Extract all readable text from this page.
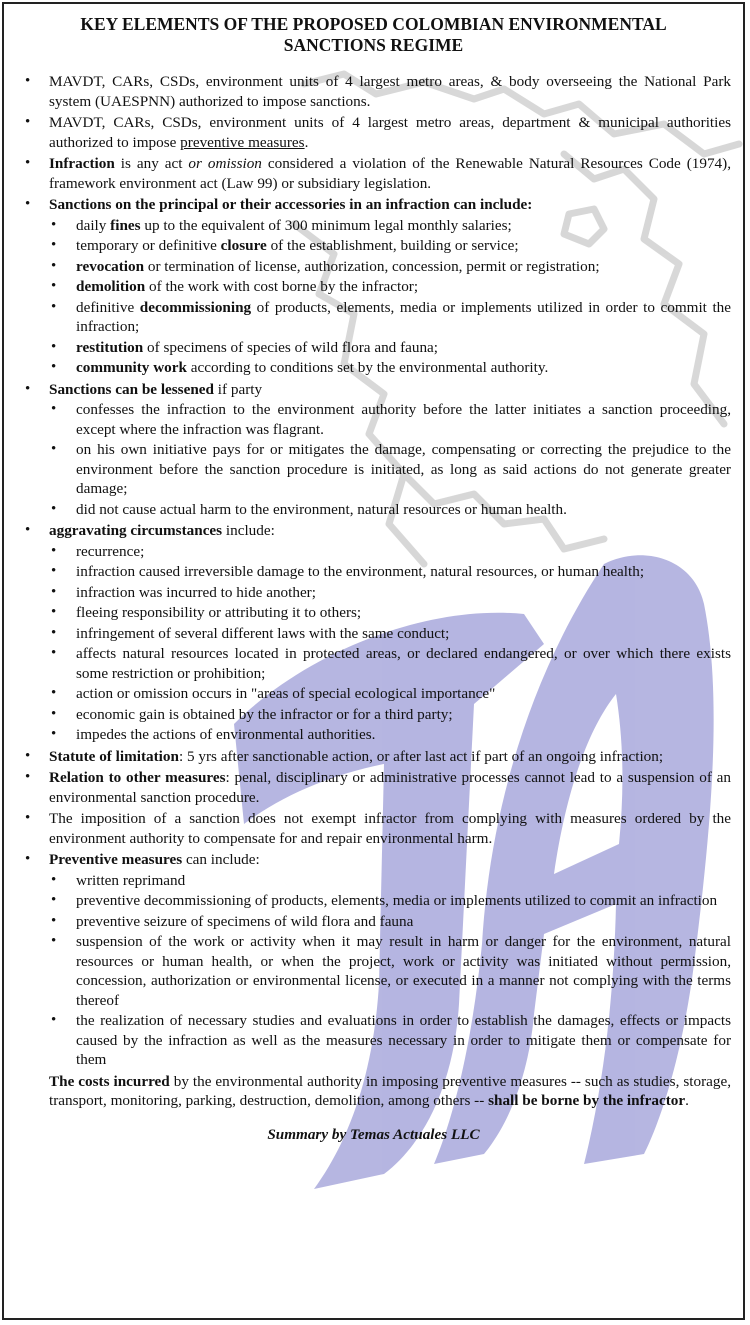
KEY ELEMENTS OF THE PROPOSED COLOMBIAN ENVIRONMENTAL SANCTIONS REGIME
• MAVDT, CARs, CSDs, environment units of 4 largest metro areas, & body overseeing the National Park system (UAESPNN) authorized to impose sanctions.
• MAVDT, CARs, CSDs, environment units of 4 largest metro areas, department & municipal authorities authorized to impose preventive measures.
• Infraction is any act or omission considered a violation of the Renewable Natural Resources Code (1974), framework environment act (Law 99) or subsidiary legislation.
• Sanctions on the principal or their accessories in an infraction can include:
• daily fines up to the equivalent of 300 minimum legal monthly salaries;
• temporary or definitive closure of the establishment, building or service;
• revocation or termination of license, authorization, concession, permit or registration;
• demolition of the work with cost borne by the infractor;
• definitive decommissioning of products, elements, media or implements utilized in order to commit the infraction;
• restitution of specimens of species of wild flora and fauna;
• community work according to conditions set by the environmental authority.
• Sanctions can be lessened if party
• confesses the infraction to the environment authority before the latter initiates a sanction proceeding, except where the infraction was flagrant.
• on his own initiative pays for or mitigates the damage, compensating or correcting the prejudice to the environment before the sanction procedure is initiated, as long as said actions do not generate greater damage;
• did not cause actual harm to the environment, natural resources or human health.
• aggravating circumstances include:
• recurrence;
• infraction caused irreversible damage to the environment, natural resources, or human health;
• infraction was incurred to hide another;
• fleeing responsibility or attributing it to others;
• infringement of several different laws with the same conduct;
• affects natural resources located in protected areas, or declared endangered, or over which there exists some restriction or prohibition;
• action or omission occurs in "areas of special ecological importance"
• economic gain is obtained by the infractor or for a third party;
• impedes the actions of environmental authorities.
• Statute of limitation: 5 yrs after sanctionable action, or after last act if part of an ongoing infraction;
• Relation to other measures: penal, disciplinary or administrative processes cannot lead to a suspension of an environmental sanction procedure.
• The imposition of a sanction does not exempt infractor from complying with measures ordered by the environment authority to compensate for and repair environmental harm.
• Preventive measures can include:
• written reprimand
• preventive decommissioning of products, elements, media or implements utilized to commit an infraction
• preventive seizure of specimens of wild flora and fauna
• suspension of the work or activity when it may result in harm or danger for the environment, natural resources or human health, or when the project, work or activity was initiated without permission, concession, authorization or environmental license, or executed in a manner not complying with the terms thereof
• the realization of necessary studies and evaluations in order to establish the damages, effects or impacts caused by the infraction as well as the measures necessary in order to mitigate them or compensate for them
The costs incurred by the environmental authority in imposing preventive measures -- such as studies, storage, transport, monitoring, parking, destruction, demolition, among others -- shall be borne by the infractor.
Summary by Temas Actuales LLC
